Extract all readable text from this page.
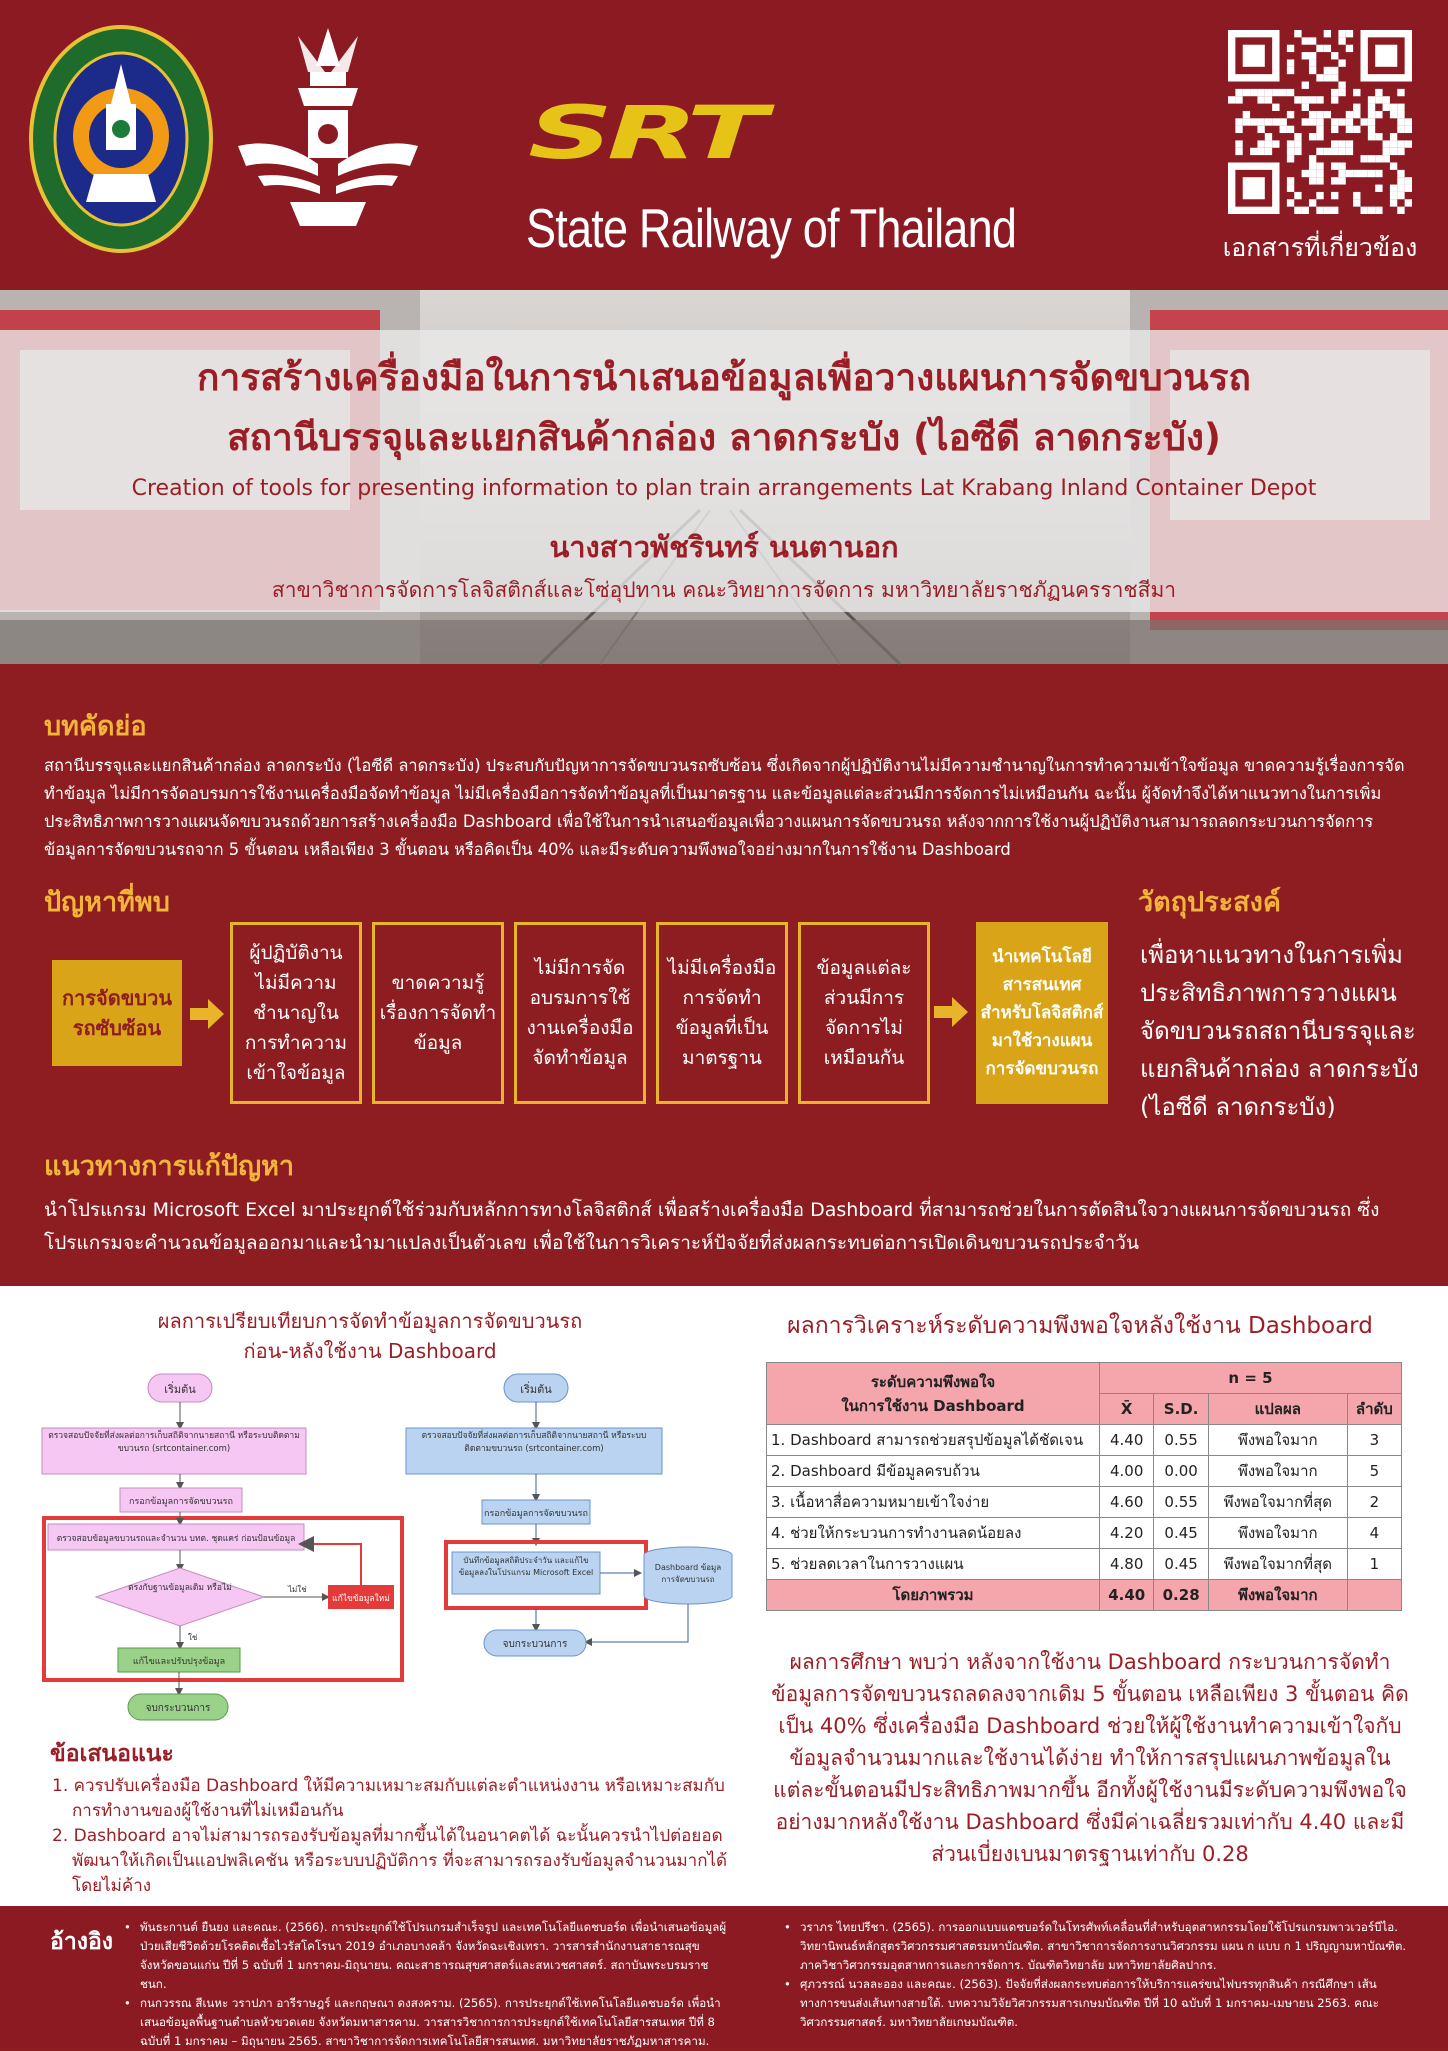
SRT
State Railway of Thailand	เอกสารที่เกี่ยวข้อง
การสร้างเครื่องมือในการนำเสนอข้อมูลเพื่อวางแผนการจัดขบวนรถ
สถานีบรรจุและแยกสินค้ากล่อง ลาดกระบัง (ไอซีดี ลาดกระบัง)
Creation of tools for presenting information to plan train arrangements Lat Krabang Inland Container Depot
นางสาวพัชรินทร์ นนตานอก
สาขาวิชาการจัดการโลจิสติกส์และโซ่อุปทาน คณะวิทยาการจัดการ มหาวิทยาลัยราชภัฏนครราชสีมา
บทคัดย่อ
สถานีบรรจุและแยกสินค้ากล่อง ลาดกระบัง (ไอซีดี ลาดกระบัง) ประสบกับปัญหาการจัดขบวนรถซับซ้อน ซึ่งเกิดจากผู้ปฏิบัติงานไม่มีความชำนาญในการทำความเข้าใจข้อมูล ขาดความรู้เรื่องการจัดทำข้อมูล ไม่มีการจัดอบรมการใช้งานเครื่องมือจัดทำข้อมูล ไม่มีเครื่องมือการจัดทำข้อมูลที่เป็นมาตรฐาน และข้อมูลแต่ละส่วนมีการจัดการไม่เหมือนกัน ฉะนั้น ผู้จัดทำจึงได้หาแนวทางในการเพิ่มประสิทธิภาพการวางแผนจัดขบวนรถด้วยการสร้างเครื่องมือ Dashboard เพื่อใช้ในการนำเสนอข้อมูลเพื่อวางแผนการจัดขบวนรถ หลังจากการใช้งานผู้ปฏิบัติงานสามารถลดกระบวนการจัดการข้อมูลการจัดขบวนรถจาก 5 ขั้นตอน เหลือเพียง 3 ขั้นตอน หรือคิดเป็น 40% และมีระดับความพึงพอใจอย่างมากในการใช้งาน Dashboard
ปัญหาที่พบ	วัตถุประสงค์
การจัดขบวนรถซับซ้อน
ผู้ปฏิบัติงานไม่มีความชำนาญในการทำความเข้าใจข้อมูล
ขาดความรู้เรื่องการจัดทำข้อมูล
ไม่มีการจัดอบรมการใช้งานเครื่องมือจัดทำข้อมูล
ไม่มีเครื่องมือการจัดทำข้อมูลที่เป็นมาตรฐาน
ข้อมูลแต่ละส่วนมีการจัดการไม่เหมือนกัน
นำเทคโนโลยีสารสนเทศสำหรับโลจิสติกส์มาใช้วางแผนการจัดขบวนรถ
เพื่อหาแนวทางในการเพิ่มประสิทธิภาพการวางแผนจัดขบวนรถสถานีบรรจุและแยกสินค้ากล่อง ลาดกระบัง (ไอซีดี ลาดกระบัง)
แนวทางการแก้ปัญหา
นำโปรแกรม Microsoft Excel มาประยุกต์ใช้ร่วมกับหลักการทางโลจิสติกส์ เพื่อสร้างเครื่องมือ Dashboard ที่สามารถช่วยในการตัดสินใจวางแผนการจัดขบวนรถ ซึ่งโปรแกรมจะคำนวณข้อมูลออกมาและนำมาแปลงเป็นตัวเลข เพื่อใช้ในการวิเคราะห์ปัจจัยที่ส่งผลกระทบต่อการเปิดเดินขบวนรถประจำวัน
ผลการเปรียบเทียบการจัดทำข้อมูลการจัดขบวนรถ
ก่อน-หลังใช้งาน Dashboard
เริ่มต้น
ตรวจสอบปัจจัยที่ส่งผลต่อการเก็บสถิติจากนายสถานี หรือระบบติดตามขบวนรถ (srtcontainer.com)
กรอกข้อมูลการจัดขบวนรถ
ตรวจสอบข้อมูลขบวนรถและจำนวน บทต. ชุดแคร่ ก่อนป้อนข้อมูล
ตรงกับฐานข้อมูลเดิม หรือไม่	ไม่ใช่
แก้ไขข้อมูลใหม่
ใช่
แก้ไขและปรับปรุงข้อมูล
จบกระบวนการ
เริ่มต้น
ตรวจสอบปัจจัยที่ส่งผลต่อการเก็บสถิติจากนายสถานี หรือระบบติดตามขบวนรถ (srtcontainer.com)
กรอกข้อมูลการจัดขบวนรถ
บันทึกข้อมูลสถิติประจำวัน และแก้ไขข้อมูลลงในโปรแกรม Microsoft Excel
Dashboard ข้อมูลการจัดขบวนรถ
จบกระบวนการ
ผลการวิเคราะห์ระดับความพึงพอใจหลังใช้งาน Dashboard
ระดับความพึงพอใจ
ในการใช้งาน Dashboard	n = 5			
	X̄	S.D.	แปลผล	ลำดับ
1. Dashboard สามารถช่วยสรุปข้อมูลได้ชัดเจน	4.40	0.55	พึงพอใจมาก	3
2. Dashboard มีข้อมูลครบถ้วน	4.00	0.00	พึงพอใจมาก	5
3. เนื้อหาสื่อความหมายเข้าใจง่าย	4.60	0.55	พึงพอใจมากที่สุด	2
4. ช่วยให้กระบวนการทำงานลดน้อยลง	4.20	0.45	พึงพอใจมาก	4
5. ช่วยลดเวลาในการวางแผน	4.80	0.45	พึงพอใจมากที่สุด	1
โดยภาพรวม	4.40	0.28	พึงพอใจมาก	
ผลการศึกษา พบว่า หลังจากใช้งาน Dashboard กระบวนการจัดทำข้อมูลการจัดขบวนรถลดลงจากเดิม 5 ขั้นตอน เหลือเพียง 3 ขั้นตอน คิดเป็น 40% ซึ่งเครื่องมือ Dashboard ช่วยให้ผู้ใช้งานทำความเข้าใจกับข้อมูลจำนวนมากและใช้งานได้ง่าย ทำให้การสรุปแผนภาพข้อมูลในแต่ละขั้นตอนมีประสิทธิภาพมากขึ้น อีกทั้งผู้ใช้งานมีระดับความพึงพอใจอย่างมากหลังใช้งาน Dashboard ซึ่งมีค่าเฉลี่ยรวมเท่ากับ 4.40 และมีส่วนเบี่ยงเบนมาตรฐานเท่ากับ 0.28
ข้อเสนอแนะ
1. ควรปรับเครื่องมือ Dashboard ให้มีความเหมาะสมกับแต่ละตำแหน่งงาน หรือเหมาะสมกับการทำงานของผู้ใช้งานที่ไม่เหมือนกัน
2. Dashboard อาจไม่สามารถรองรับข้อมูลที่มากขึ้นได้ในอนาคตได้ ฉะนั้นควรนำไปต่อยอดพัฒนาให้เกิดเป็นแอปพลิเคชัน หรือระบบปฏิบัติการ ที่จะสามารถรองรับข้อมูลจำนวนมากได้โดยไม่ค้าง
อ้างอิง
• พันธะกานต์ ยืนยง และคณะ. (2566). การประยุกต์ใช้โปรแกรมสำเร็จรูป และเทคโนโลยีแดชบอร์ด เพื่อนำเสนอข้อมูลผู้ป่วยเสียชีวิตด้วยโรคติดเชื้อไวรัสโคโรนา 2019 อำเภอบางคล้า จังหวัดฉะเชิงเทรา. วารสารสำนักงานสาธารณสุขจังหวัดขอนแก่น ปีที่ 5 ฉบับที่ 1 มกราคม-มิถุนายน. คณะสาธารณสุขศาสตร์และสหเวชศาสตร์. สถาบันพระบรมราชชนก.
• กนกวรรณ สีเนหะ วราปภา อารีราษฎร์ และกฤษณา ดงสงคราม. (2565). การประยุกต์ใช้เทคโนโลยีแดชบอร์ด เพื่อนำเสนอข้อมูลพื้นฐานตำบลหัวขวดเตย จังหวัดมหาสารคาม. วารสารวิชาการการประยุกต์ใช้เทคโนโลยีสารสนเทศ ปีที่ 8 ฉบับที่ 1 มกราคม – มิถุนายน 2565. สาขาวิชาการจัดการเทคโนโลยีสารสนเทศ. มหาวิทยาลัยราชภัฏมหาสารคาม.
• วราภร ไทยปรีชา. (2565). การออกแบบแดชบอร์ดในโทรศัพท์เคลื่อนที่สำหรับอุตสาหกรรมโดยใช้โปรแกรมพาวเวอร์บีไอ. วิทยานิพนธ์หลักสูตรวิศวกรรมศาสตรมหาบัณฑิต. สาขาวิชาการจัดการงานวิศวกรรม แผน ก แบบ ก 1 ปริญญามหาบัณฑิต. ภาควิชาวิศวกรรมอุตสาหการและการจัดการ. บัณฑิตวิทยาลัย มหาวิทยาลัยศิลปากร.
• ศุภวรรณ์ นวลละออง และคณะ. (2563). ปัจจัยที่ส่งผลกระทบต่อการให้บริการแคร่ขนไฟบรรทุกสินค้า กรณีศึกษา เส้นทางการขนส่งเส้นทางสายใต้. บทความวิจัยวิศวกรรมสารเกษมบัณฑิต ปีที่ 10 ฉบับที่ 1 มกราคม-เมษายน 2563. คณะวิศวกรรมศาสตร์. มหาวิทยาลัยเกษมบัณฑิต.
